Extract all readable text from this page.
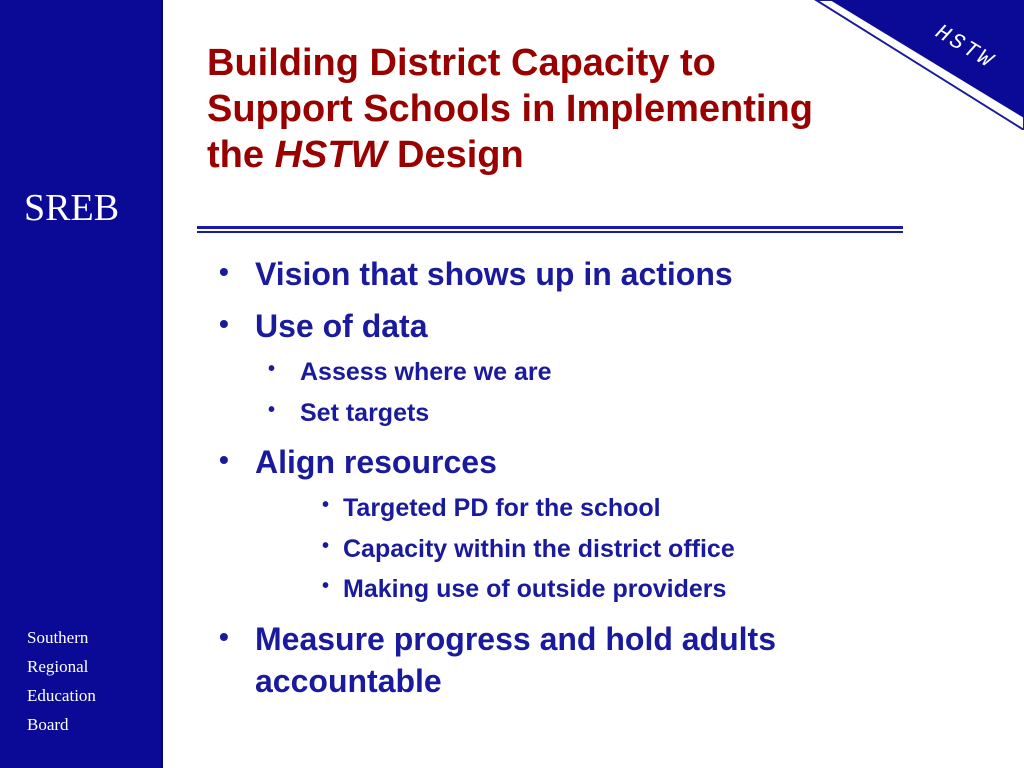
SREB
Southern
Regional
Education
Board
HSTW
Building District Capacity to
Support Schools in Implementing
the HSTW Design
• Vision that shows up in actions
• Use of data
• Assess where we are
• Set targets
• Align resources
• Targeted PD for the school
• Capacity within the district office
• Making use of outside providers
• Measure progress and hold adults
accountable
